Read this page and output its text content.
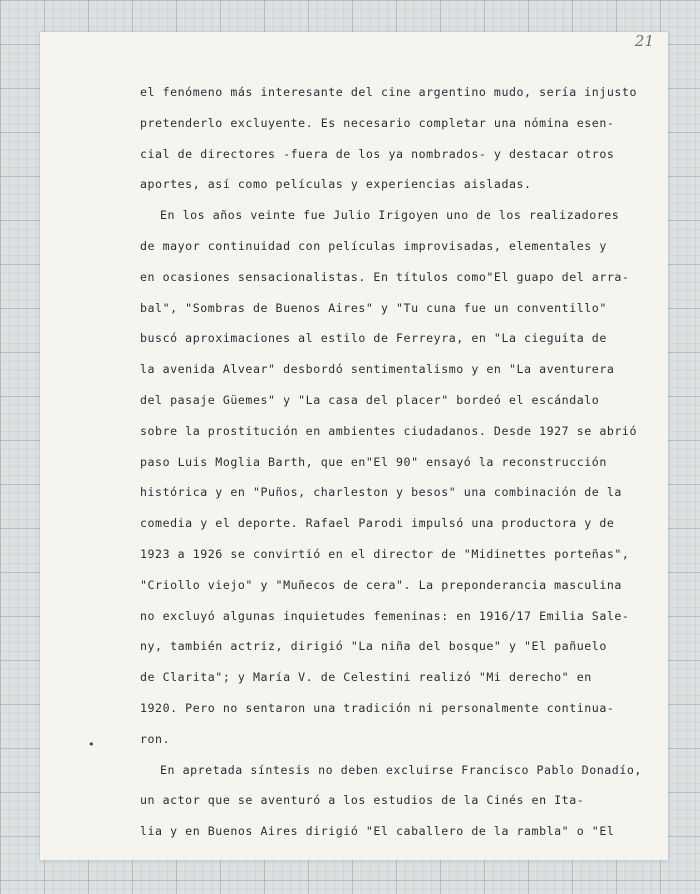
21
el fenómeno más interesante del cine argentino mudo, sería injusto
pretenderlo excluyente. Es necesario completar una nómina esen-
cial de directores -fuera de los ya nombrados- y destacar otros
aportes, así como películas y experiencias aisladas.
En los años veinte fue Julio Irigoyen uno de los realizadores
de mayor continuidad con películas improvisadas, elementales y
en ocasiones sensacionalistas. En títulos como"El guapo del arra-
bal", "Sombras de Buenos Aires" y "Tu cuna fue un conventillo"
buscó aproximaciones al estilo de Ferreyra, en "La cieguita de
la avenida Alvear" desbordó sentimentalismo y en "La aventurera
del pasaje Güemes" y "La casa del placer" bordeó el escándalo
sobre la prostitución en ambientes ciudadanos. Desde 1927 se abrió
paso Luis Moglia Barth, que en"El 90" ensayó la reconstrucción
histórica y en "Puños, charleston y besos" una combinación de la
comedia y el deporte. Rafael Parodi impulsó una productora y de
1923 a 1926 se convirtió en el director de "Midinettes porteñas",
"Criollo viejo" y "Muñecos de cera". La preponderancia masculina
no excluyó algunas inquietudes femeninas: en 1916/17 Emilia Sale-
ny, también actriz, dirigió "La niña del bosque" y "El pañuelo
de Clarita"; y María V. de Celestini realizó "Mi derecho" en
1920. Pero no sentaron una tradición ni personalmente continua-
ron.
En apretada síntesis no deben excluirse Francisco Pablo Donadío,
un actor que se aventuró a los estudios de la Cinés en Ita-
lia y en Buenos Aires dirigió "El caballero de la rambla" o "El
•
